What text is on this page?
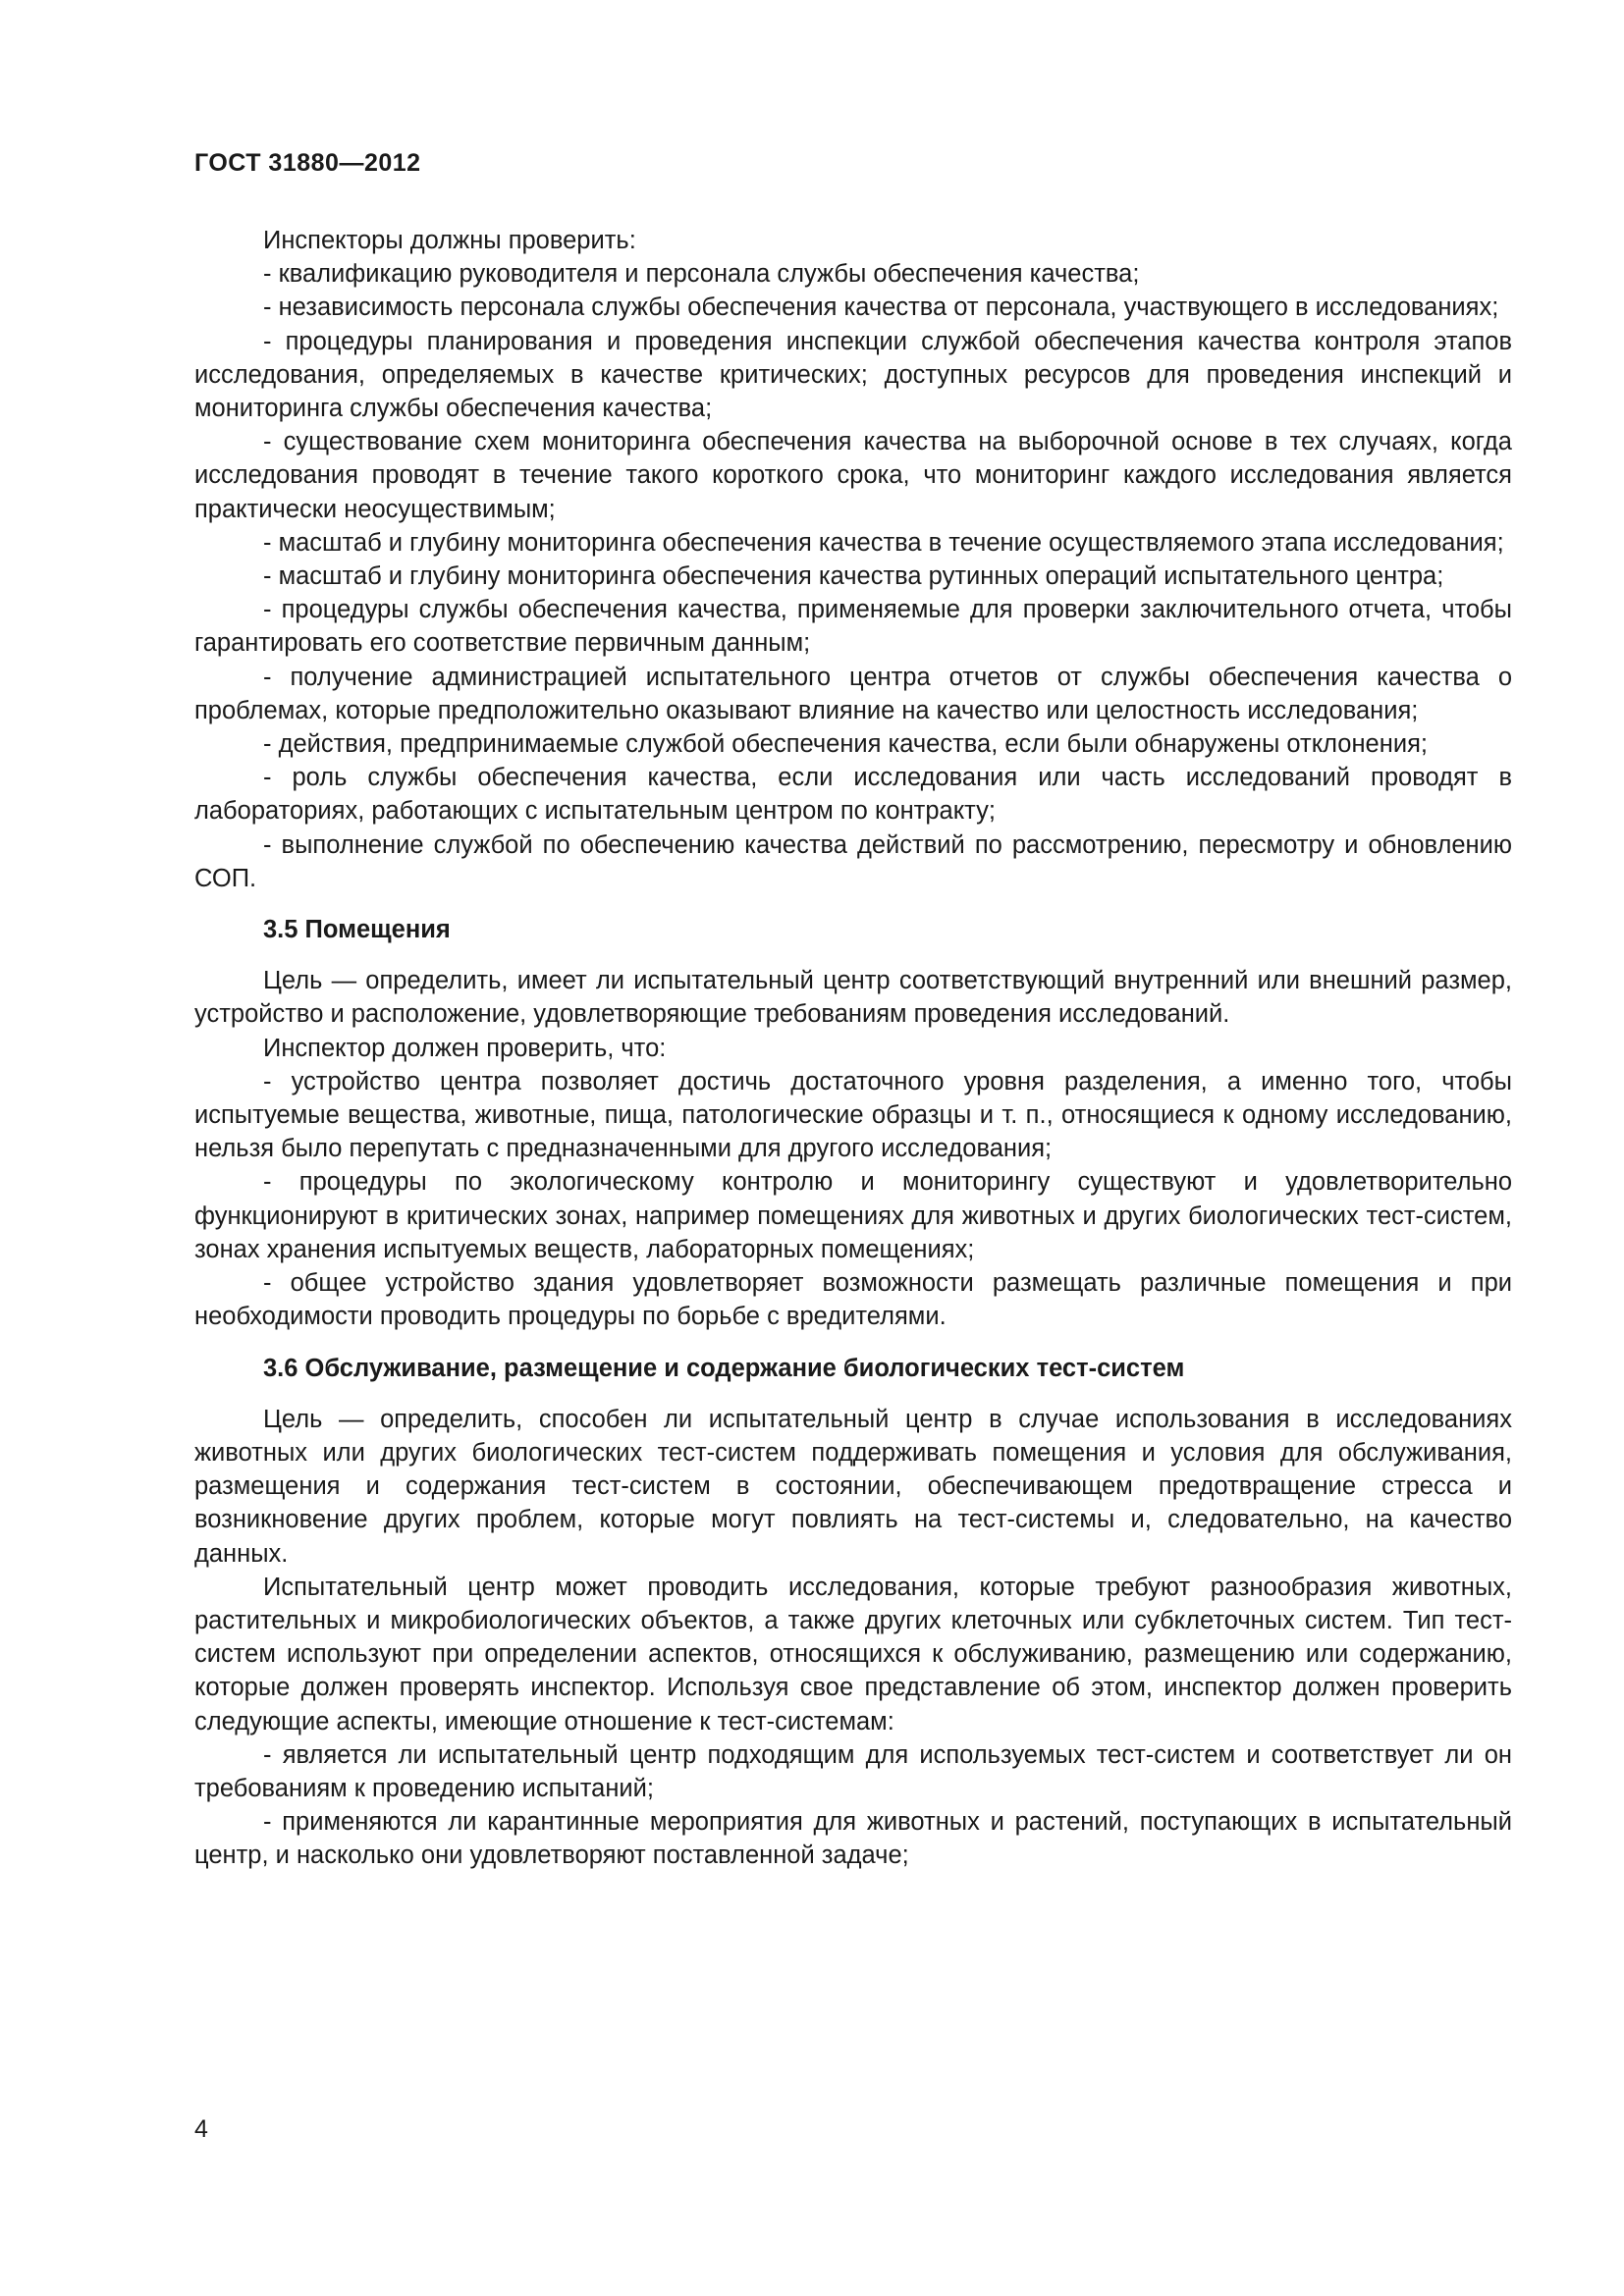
ГОСТ 31880—2012

Инспекторы должны проверить:

- квалификацию руководителя и персонала службы обеспечения качества;

- независимость персонала службы обеспечения качества от персонала, участвующего в исследованиях;

- процедуры планирования и проведения инспекции службой обеспечения качества контроля этапов исследования, определяемых в качестве критических; доступных ресурсов для проведения инспекций и мониторинга службы обеспечения качества;

- существование схем мониторинга обеспечения качества на выборочной основе в тех случаях, когда исследования проводят в течение такого короткого срока, что мониторинг каждого исследования является практически неосуществимым;

- масштаб и глубину мониторинга обеспечения качества в течение осуществляемого этапа исследования;

- масштаб и глубину мониторинга обеспечения качества рутинных операций испытательного центра;

- процедуры службы обеспечения качества, применяемые для проверки заключительного отчета, чтобы гарантировать его соответствие первичным данным;

- получение администрацией испытательного центра отчетов от службы обеспечения качества о проблемах, которые предположительно оказывают влияние на качество или целостность исследования;

- действия, предпринимаемые службой обеспечения качества, если были обнаружены отклонения;

- роль службы обеспечения качества, если исследования или часть исследований проводят в лабораториях, работающих с испытательным центром по контракту;

- выполнение службой по обеспечению качества действий по рассмотрению, пересмотру и обновлению СОП.

3.5 Помещения

Цель — определить, имеет ли испытательный центр соответствующий внутренний или внешний размер, устройство и расположение, удовлетворяющие требованиям проведения исследований.

Инспектор должен проверить, что:

- устройство центра позволяет достичь достаточного уровня разделения, а именно того, чтобы испытуемые вещества, животные, пища, патологические образцы и т. п., относящиеся к одному исследованию, нельзя было перепутать с предназначенными для другого исследования;

- процедуры по экологическому контролю и мониторингу существуют и удовлетворительно функционируют в критических зонах, например помещениях для животных и других биологических тест-систем, зонах хранения испытуемых веществ, лабораторных помещениях;

- общее устройство здания удовлетворяет возможности размещать различные помещения и при необходимости проводить процедуры по борьбе с вредителями.

3.6 Обслуживание, размещение и содержание биологических тест-систем

Цель — определить, способен ли испытательный центр в случае использования в исследованиях животных или других биологических тест-систем поддерживать помещения и условия для обслуживания, размещения и содержания тест-систем в состоянии, обеспечивающем предотвращение стресса и возникновение других проблем, которые могут повлиять на тест-системы и, следовательно, на качество данных.

Испытательный центр может проводить исследования, которые требуют разнообразия животных, растительных и микробиологических объектов, а также других клеточных или субклеточных систем. Тип тест-систем используют при определении аспектов, относящихся к обслуживанию, размещению или содержанию, которые должен проверять инспектор. Используя свое представление об этом, инспектор должен проверить следующие аспекты, имеющие отношение к тест-системам:

- является ли испытательный центр подходящим для используемых тест-систем и соответствует ли он требованиям к проведению испытаний;

- применяются ли карантинные мероприятия для животных и растений, поступающих в испытательный центр, и насколько они удовлетворяют поставленной задаче;

4
